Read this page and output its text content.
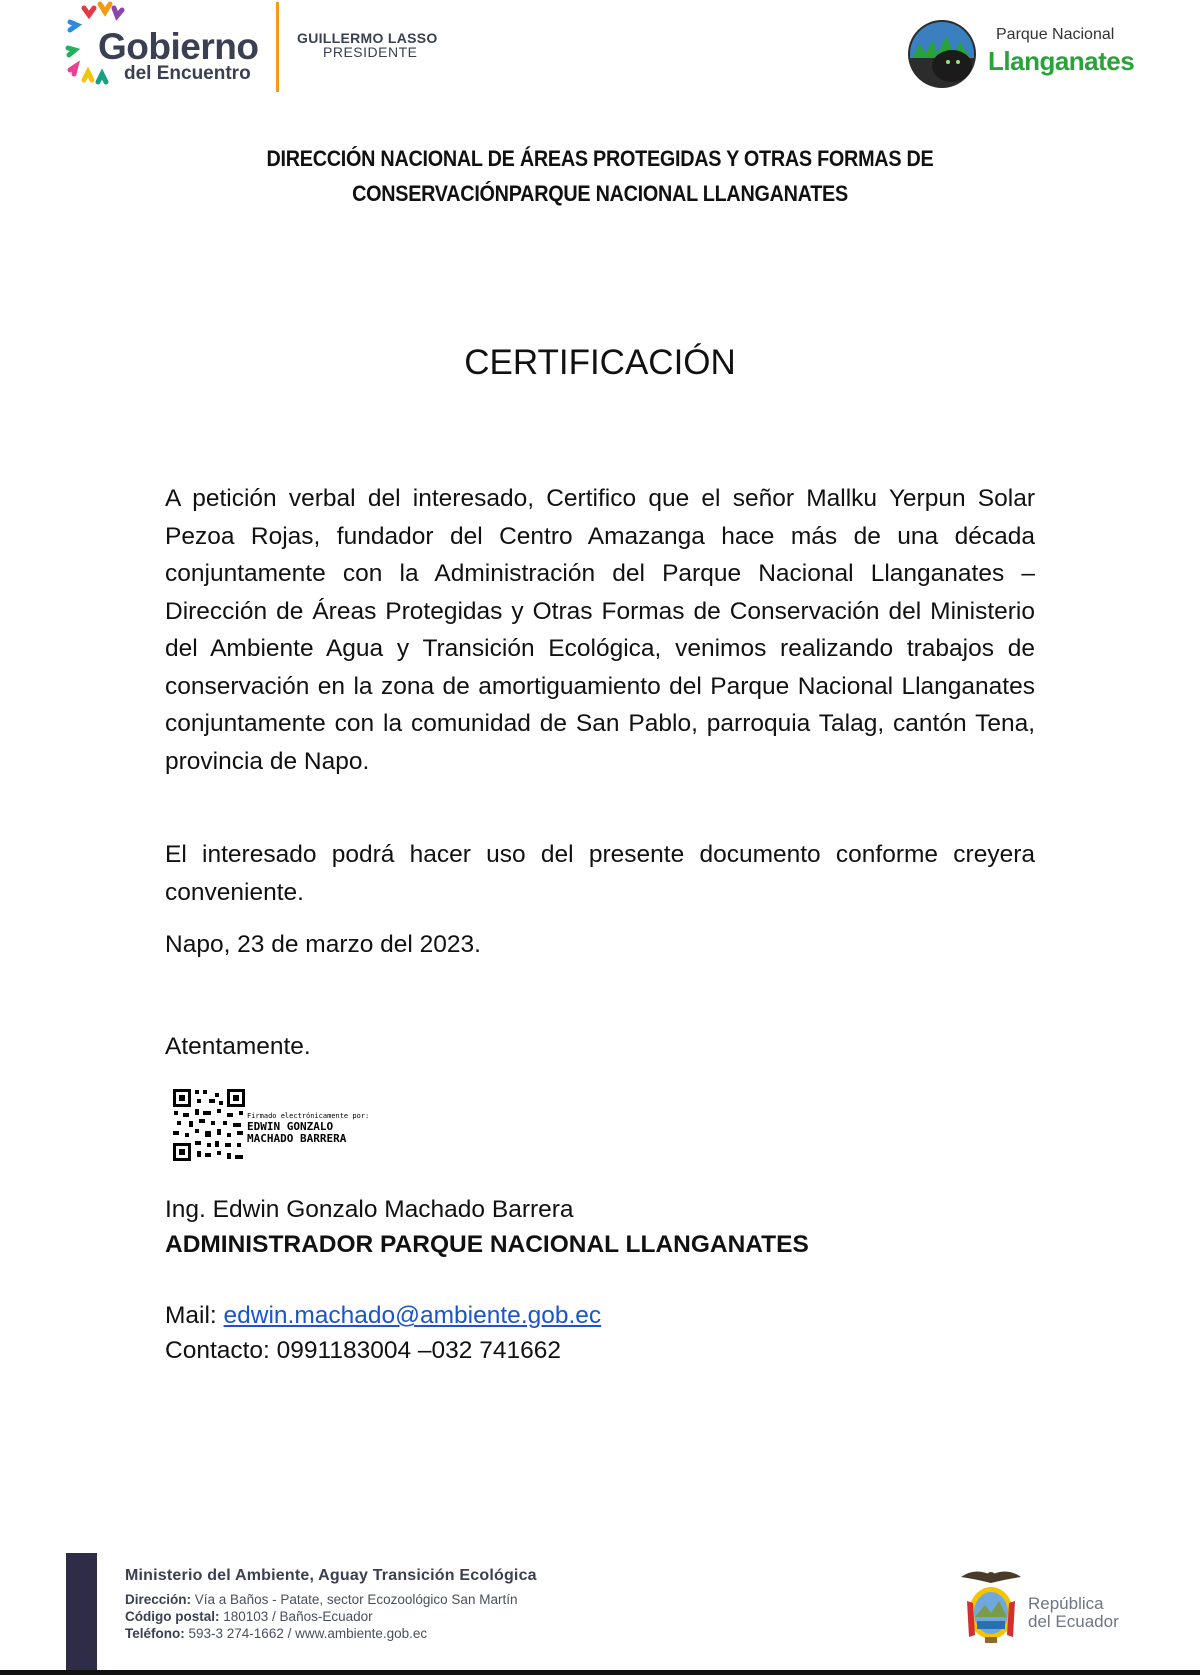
Gobierno
del Encuentro
GUILLERMO LASSO
PRESIDENTE
Parque Nacional
Llanganates
DIRECCIÓN NACIONAL DE ÁREAS PROTEGIDAS Y OTRAS FORMAS DE
CONSERVACIÓNPARQUE NACIONAL LLANGANATES
CERTIFICACIÓN
A petición verbal del interesado, Certifico que el señor Mallku Yerpun Solar Pezoa Rojas, fundador del Centro Amazanga hace más de una década conjuntamente con la Administración del Parque Nacional Llanganates – Dirección de Áreas Protegidas y Otras Formas de Conservación del Ministerio del Ambiente Agua y Transición Ecológica, venimos realizando trabajos de conservación en la zona de amortiguamiento del Parque Nacional Llanganates conjuntamente con la comunidad de San Pablo, parroquia Talag, cantón Tena, provincia de Napo.
El interesado podrá hacer uso del presente documento conforme creyera conveniente.
Napo, 23 de marzo del 2023.
Atentamente.
Firmado electrónicamente por:
EDWIN GONZALO
MACHADO BARRERA
Ing. Edwin Gonzalo Machado Barrera
ADMINISTRADOR PARQUE NACIONAL LLANGANATES
Mail: edwin.machado@ambiente.gob.ec
Contacto: 0991183004 –032 741662
Ministerio del Ambiente, Aguay Transición Ecológica
Dirección: Vía a Baños - Patate, sector Ecozoológico San Martín
Código postal: 180103 / Baños-Ecuador
Teléfono: 593-3 274-1662 / www.ambiente.gob.ec
República
del Ecuador
